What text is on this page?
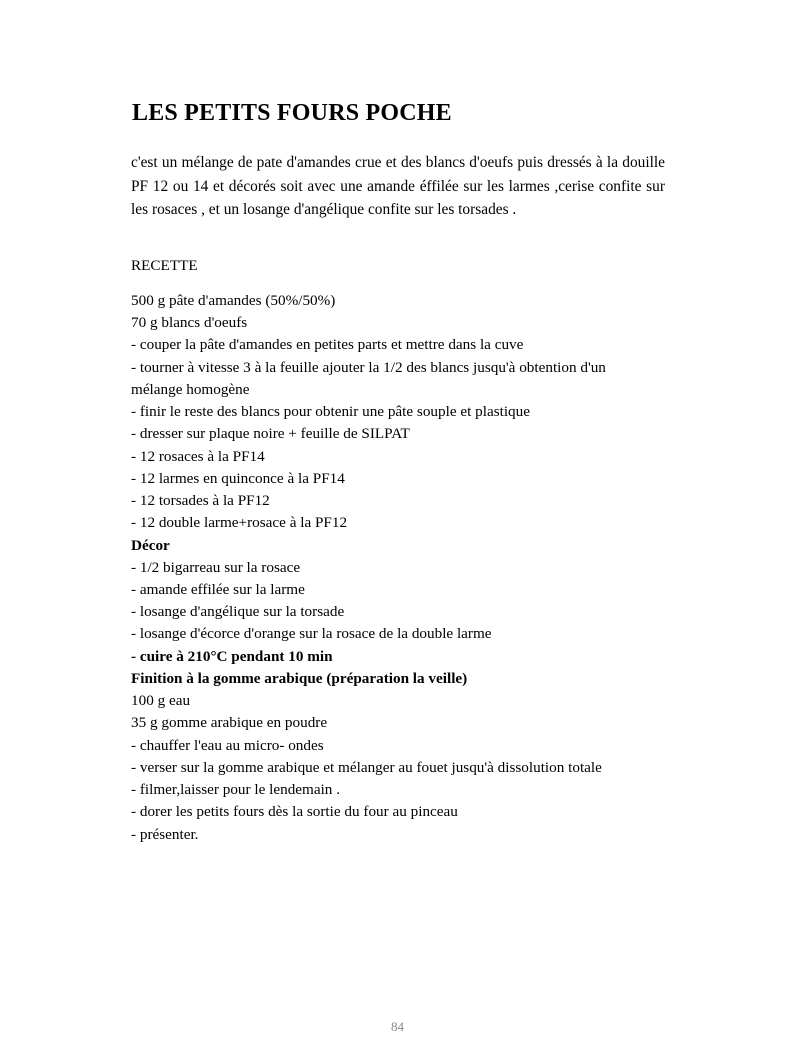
LES PETITS FOURS POCHE

c'est un mélange de pate d'amandes crue et des blancs d'oeufs puis dressés à la douille PF 12 ou 14 et décorés soit avec une amande éffilée sur les larmes ,cerise confite sur les rosaces , et un losange d'angélique confite sur les torsades .

RECETTE

500 g pâte d'amandes (50%/50%)

70 g blancs d'oeufs

- couper la pâte d'amandes en petites parts et mettre dans la cuve

- tourner à vitesse 3 à la feuille ajouter la 1/2 des blancs jusqu'à obtention d'un

mélange homogène

- finir le reste des blancs pour obtenir une pâte souple et plastique

- dresser sur plaque noire + feuille de SILPAT

- 12 rosaces à la PF14

- 12 larmes en quinconce à la PF14

- 12 torsades à la PF12

- 12 double larme+rosace à la PF12

Décor

- 1/2 bigarreau sur la rosace

- amande effilée sur la larme

- losange d'angélique sur la torsade

- losange d'écorce d'orange sur la rosace de la double larme

- cuire à 210°C pendant 10 min

Finition à la gomme arabique (préparation la veille)

100 g eau

35 g gomme arabique en poudre

- chauffer l'eau au micro- ondes

- verser sur la gomme arabique et mélanger au fouet jusqu'à dissolution totale

- filmer,laisser pour le lendemain .

- dorer les petits fours dès la sortie du four au pinceau

- présenter.

84
